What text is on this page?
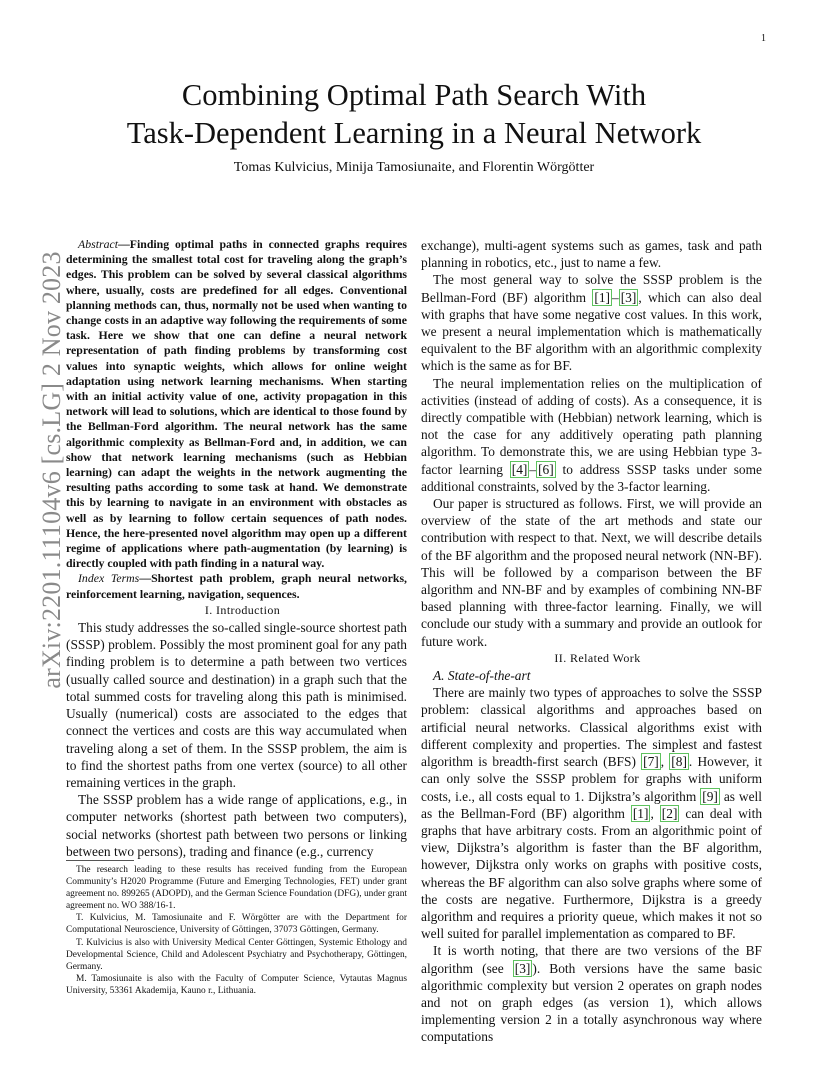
1
arXiv:2201.11104v6 [cs.LG] 2 Nov 2023
Combining Optimal Path Search With
Task-Dependent Learning in a Neural Network
Tomas Kulvicius, Minija Tamosiunaite, and Florentin Wörgötter

Abstract—Finding optimal paths in connected graphs requires determining the smallest total cost for traveling along the graph’s edges. This problem can be solved by several classical algorithms where, usually, costs are predefined for all edges. Conventional planning methods can, thus, normally not be used when wanting to change costs in an adaptive way following the requirements of some task. Here we show that one can define a neural network representation of path finding problems by transforming cost values into synaptic weights, which allows for online weight adaptation using network learning mechanisms. When starting with an initial activity value of one, activity propagation in this network will lead to solutions, which are identical to those found by the Bellman-Ford algorithm. The neural network has the same algorithmic complexity as Bellman-Ford and, in addition, we can show that network learning mechanisms (such as Hebbian learning) can adapt the weights in the network augmenting the resulting paths according to some task at hand. We demonstrate this by learning to navigate in an environment with obstacles as well as by learning to follow certain sequences of path nodes. Hence, the here-presented novel algorithm may open up a different regime of applications where path-augmentation (by learning) is directly coupled with path finding in a natural way.

Index Terms—Shortest path problem, graph neural networks, reinforcement learning, navigation, sequences.

I. Introduction

This study addresses the so-called single-source shortest path (SSSP) problem. Possibly the most prominent goal for any path finding problem is to determine a path between two vertices (usually called source and destination) in a graph such that the total summed costs for traveling along this path is minimised. Usually (numerical) costs are associated to the edges that connect the vertices and costs are this way accumulated when traveling along a set of them. In the SSSP problem, the aim is to find the shortest paths from one vertex (source) to all other remaining vertices in the graph.

The SSSP problem has a wide range of applications, e.g., in computer networks (shortest path between two computers), social networks (shortest path between two persons or linking between two persons), trading and finance (e.g., currency

The research leading to these results has received funding from the European Community’s H2020 Programme (Future and Emerging Technologies, FET) under grant agreement no. 899265 (ADOPD), and the German Science Foundation (DFG), under grant agreement no. WO 388/16-1.

T. Kulvicius, M. Tamosiunaite and F. Wörgötter are with the Department for Computational Neuroscience, University of Göttingen, 37073 Göttingen, Germany.

T. Kulvicius is also with University Medical Center Göttingen, Systemic Ethology and Developmental Science, Child and Adolescent Psychiatry and Psychotherapy, Göttingen, Germany.

M. Tamosiunaite is also with the Faculty of Computer Science, Vytautas Magnus University, 53361 Akademija, Kauno r., Lithuania.

exchange), multi-agent systems such as games, task and path planning in robotics, etc., just to name a few.

The most general way to solve the SSSP problem is the Bellman-Ford (BF) algorithm [1] – [3] , which can also deal with graphs that have some negative cost values. In this work, we present a neural implementation which is mathematically equivalent to the BF algorithm with an algorithmic complexity which is the same as for BF.

The neural implementation relies on the multiplication of activities (instead of adding of costs). As a consequence, it is directly compatible with (Hebbian) network learning, which is not the case for any additively operating path planning algorithm. To demonstrate this, we are using Hebbian type 3-factor learning [4] – [6] to address SSSP tasks under some additional constraints, solved by the 3-factor learning.

Our paper is structured as follows. First, we will provide an overview of the state of the art methods and state our contribution with respect to that. Next, we will describe details of the BF algorithm and the proposed neural network (NN-BF). This will be followed by a comparison between the BF algorithm and NN-BF and by examples of combining NN-BF based planning with three-factor learning. Finally, we will conclude our study with a summary and provide an outlook for future work.

II. Related Work

A. State-of-the-art

There are mainly two types of approaches to solve the SSSP problem: classical algorithms and approaches based on artificial neural networks. Classical algorithms exist with different complexity and properties. The simplest and fastest algorithm is breadth-first search (BFS) [7] , [8] . However, it can only solve the SSSP problem for graphs with uniform costs, i.e., all costs equal to 1. Dijkstra’s algorithm [9] as well as the Bellman-Ford (BF) algorithm [1] , [2] can deal with graphs that have arbitrary costs. From an algorithmic point of view, Dijkstra’s algorithm is faster than the BF algorithm, however, Dijkstra only works on graphs with positive costs, whereas the BF algorithm can also solve graphs where some of the costs are negative. Furthermore, Dijkstra is a greedy algorithm and requires a priority queue, which makes it not so well suited for parallel implementation as compared to BF.

It is worth noting, that there are two versions of the BF algorithm (see [3] ). Both versions have the same basic algorithmic complexity but version 2 operates on graph nodes and not on graph edges (as version 1), which allows implementing version 2 in a totally asynchronous way where computations
